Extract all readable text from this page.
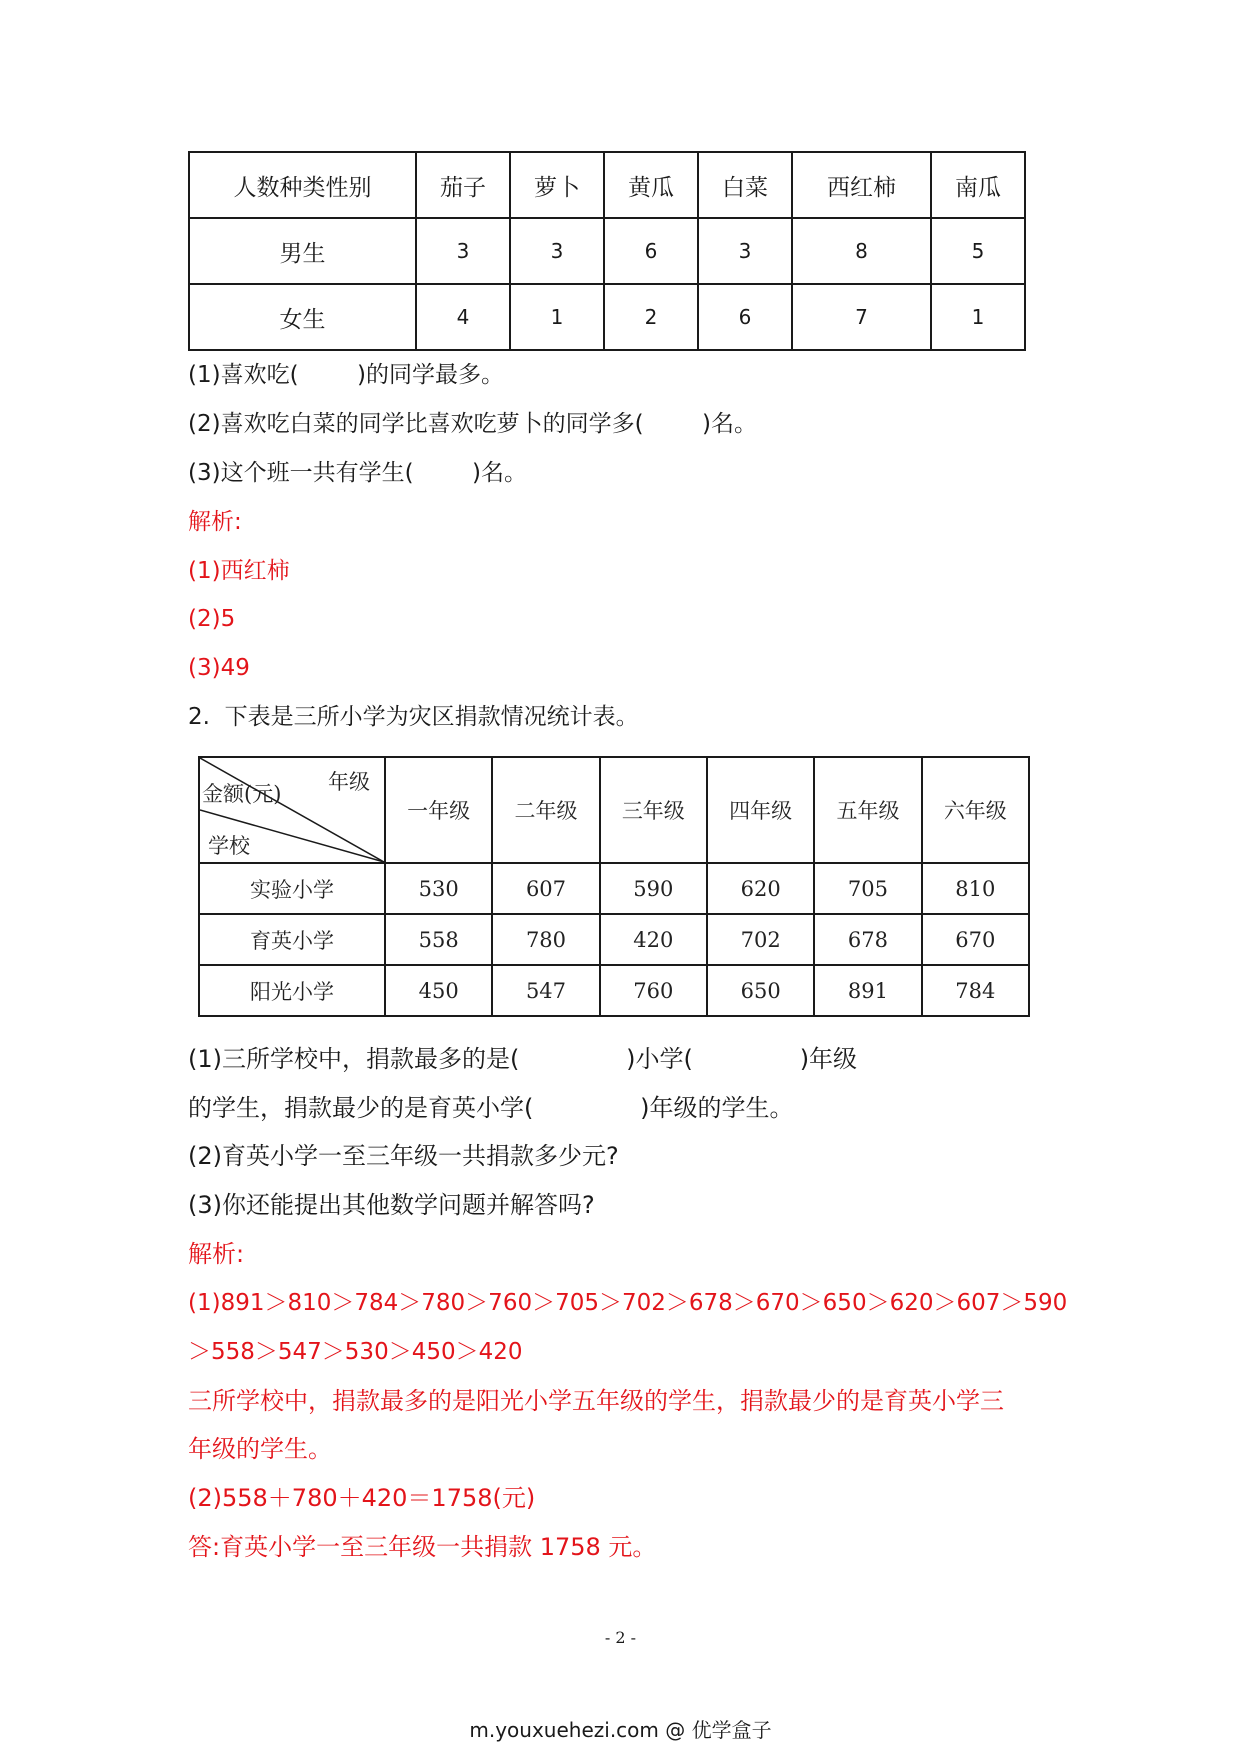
人数种类性别	茄子	萝卜	黄瓜	白菜	西红柿	南瓜
男生	3	3	6	3	8	5
女生	4	1	2	6	7	1
(1)喜欢吃(        )的同学最多。
(2)喜欢吃白菜的同学比喜欢吃萝卜的同学多(        )名。
(3)这个班一共有学生(        )名。
解析:
(1)西红柿
(2)5
(3)49
2.  下表是三所小学为灾区捐款情况统计表。
年级
金额(元)
学校	一年级	二年级	三年级	四年级	五年级	六年级
实验小学	530	607	590	620	705	810
育英小学	558	780	420	702	678	670
阳光小学	450	547	760	650	891	784
(1)三所学校中，捐款最多的是(              )小学(              )年级
的学生，捐款最少的是育英小学(              )年级的学生。
(2)育英小学一至三年级一共捐款多少元?
(3)你还能提出其他数学问题并解答吗?
解析:
(1)891＞810＞784＞780＞760＞705＞702＞678＞670＞650＞620＞607＞590
＞558＞547＞530＞450＞420
三所学校中，捐款最多的是阳光小学五年级的学生，捐款最少的是育英小学三
年级的学生。
(2)558＋780＋420＝1758(元)
答:育英小学一至三年级一共捐款 1758 元。
- 2 -
m.youxuehezi.com @ 优学盒子
